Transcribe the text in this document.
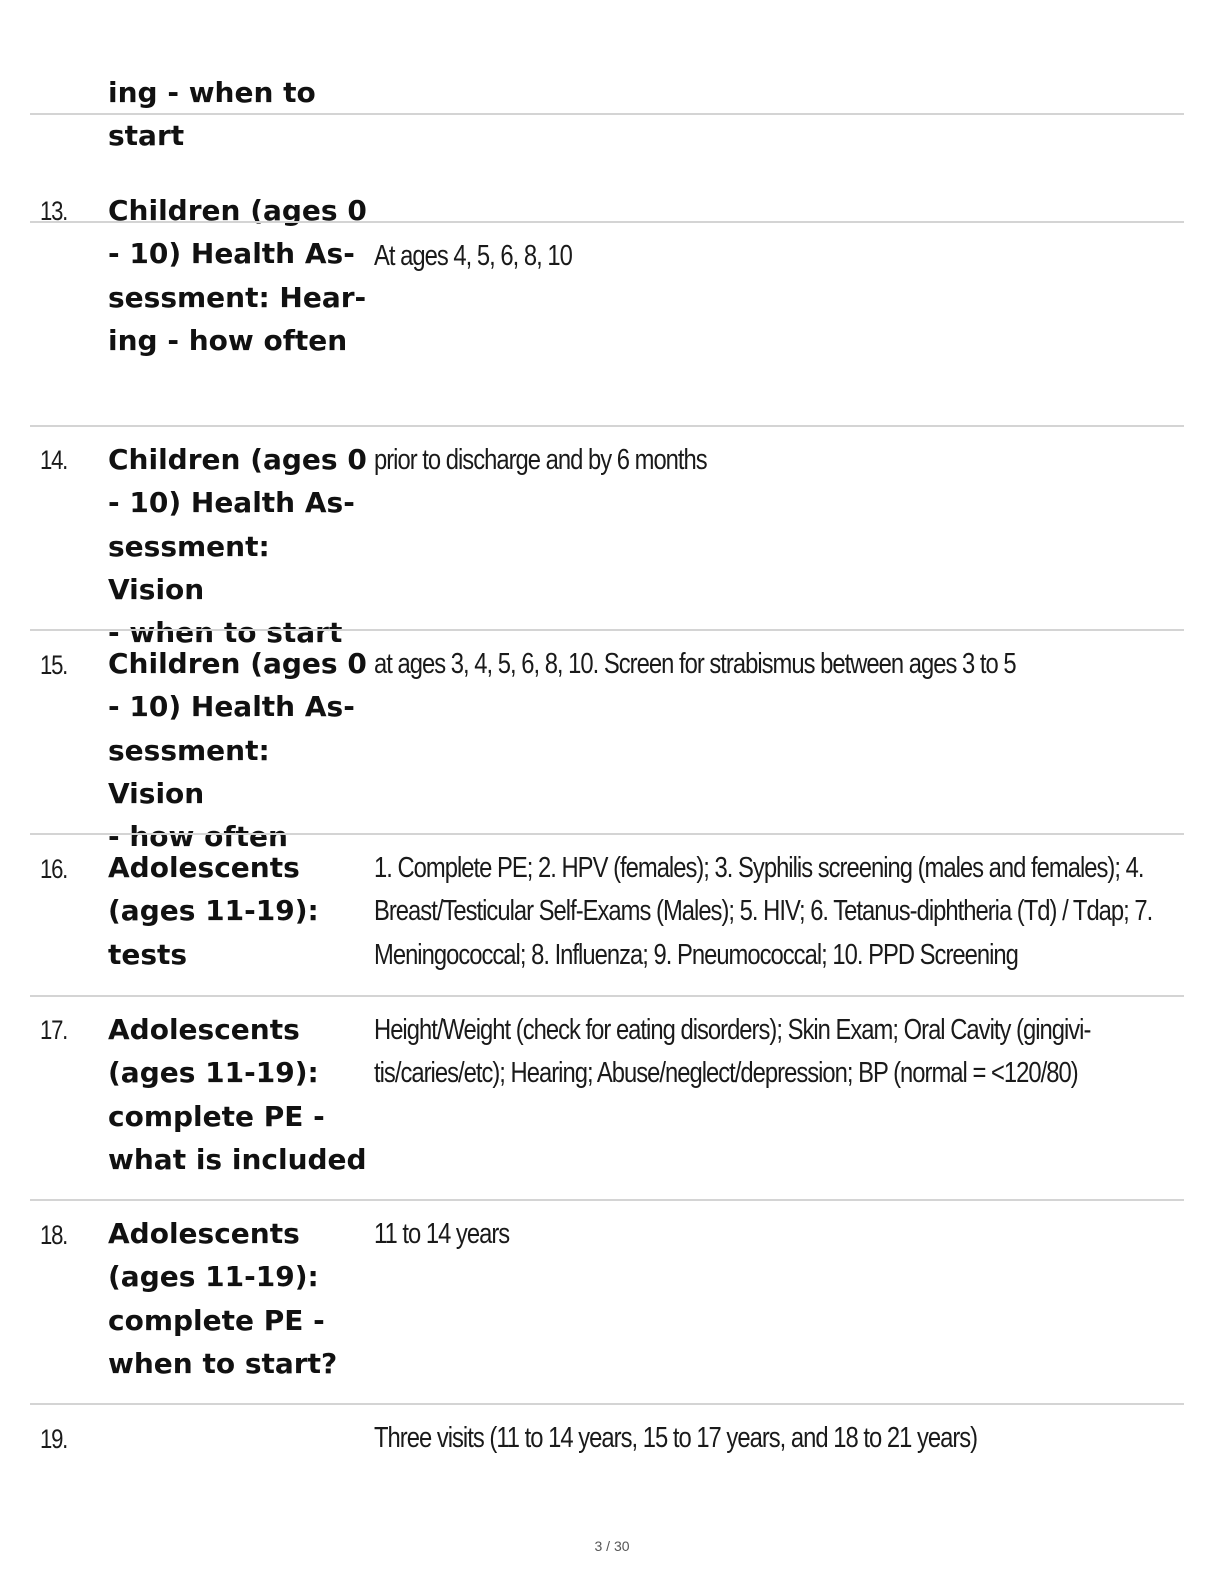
ing - when to
start
13. Children (ages 0
- 10) Health As-
sessment: Hear-
ing - how often
At ages 4, 5, 6, 8, 10
14. Children (ages 0
- 10) Health As-
sessment: Vision
- when to start
prior to discharge and by 6 months
15. Children (ages 0
- 10) Health As-
sessment: Vision
- how often
at ages 3, 4, 5, 6, 8, 10. Screen for strabismus between ages 3 to 5
16. Adolescents
(ages 11-19):
tests
1. Complete PE; 2. HPV (females); 3. Syphilis screening (males and females); 4.
Breast/Testicular Self-Exams (Males); 5. HIV; 6. Tetanus-diphtheria (Td) / Tdap; 7.
Meningococcal; 8. Influenza; 9. Pneumococcal; 10. PPD Screening
17. Adolescents
(ages 11-19):
complete PE -
what is included
Height/Weight (check for eating disorders); Skin Exam; Oral Cavity (gingivi-
tis/caries/etc); Hearing; Abuse/neglect/depression; BP (normal = <120/80)
18. Adolescents
(ages 11-19):
complete PE -
when to start?
11 to 14 years
19.	Three visits (11 to 14 years, 15 to 17 years, and 18 to 21 years)
3 / 30
